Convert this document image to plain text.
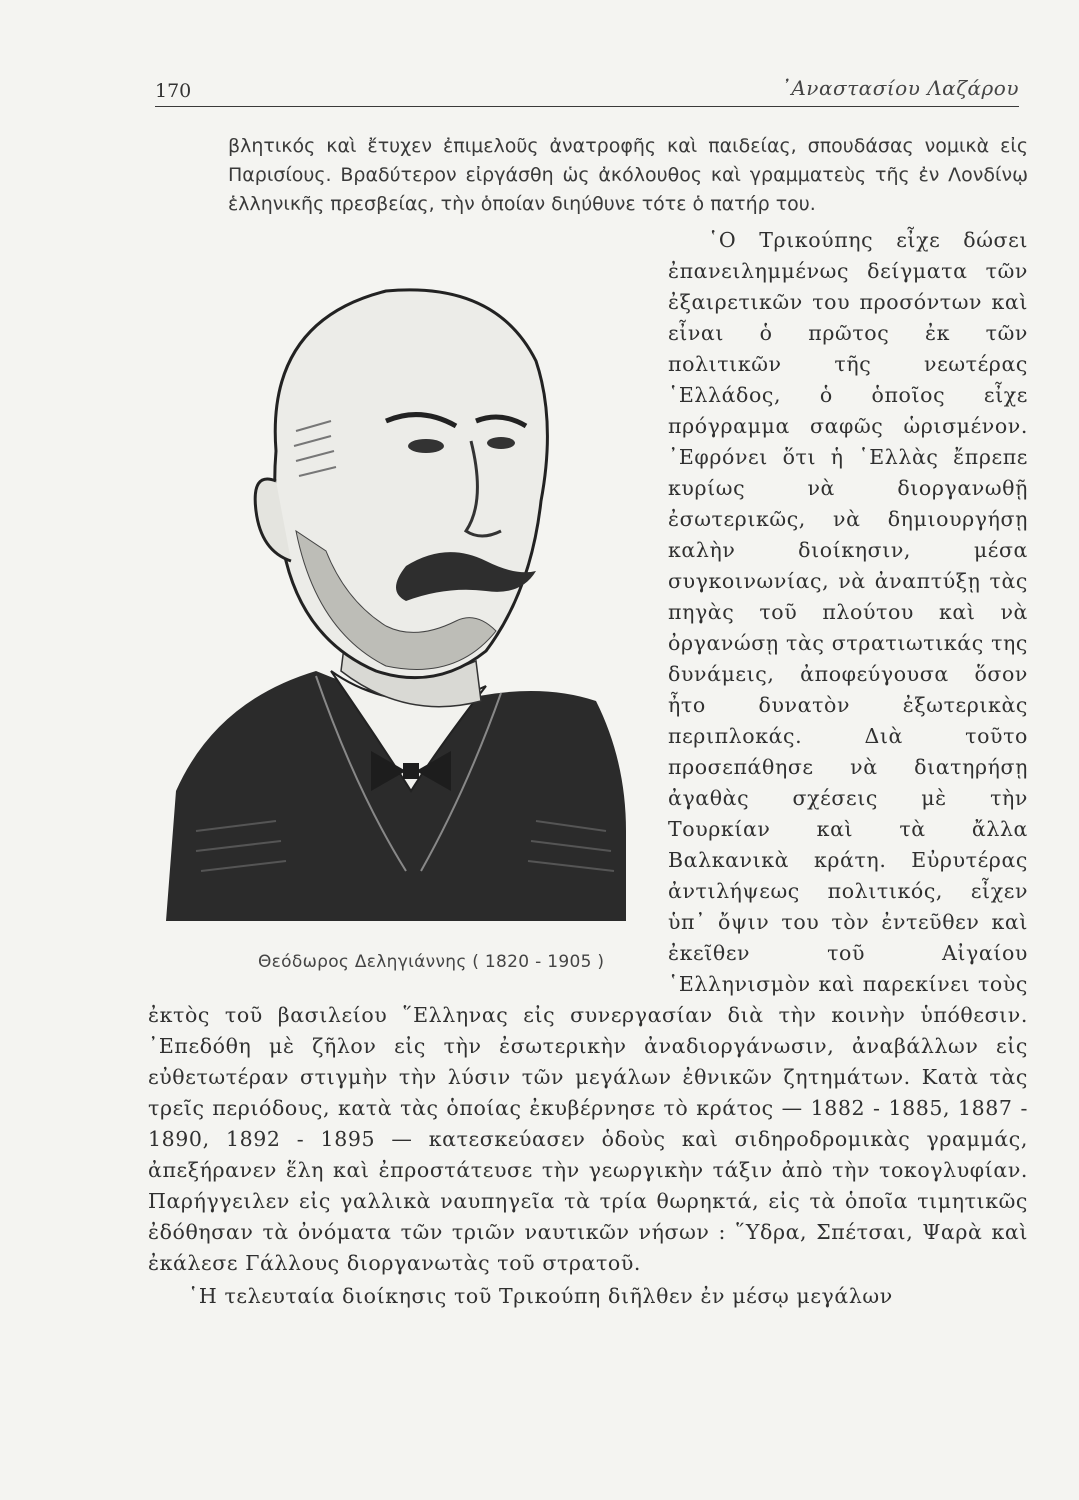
170	᾽Αναστασίου Λαζάρου

βλητικός καὶ ἔτυχεν ἐπιμελοῦς ἀνατροφῆς καὶ παιδείας, σπουδάσας νομικὰ εἰς Παρισίους. Βραδύτερον εἰργάσθη ὡς ἀκόλουθος καὶ γραμματεὺς τῆς ἐν Λονδίνῳ ἑλληνικῆς πρεσβείας, τὴν ὁποίαν διηύθυνε τότε ὁ πατήρ του.

Θεόδωρος Δεληγιάννης ( 1820 - 1905 )
῾Ο Τρικούπης εἶχε δώσει ἐπανειλημμένως δείγματα τῶν ἐξαιρετικῶν του προσόντων καὶ εἶναι ὁ πρῶτος ἐκ τῶν πολιτικῶν τῆς νεωτέρας ῾Ελλάδος, ὁ ὁποῖος εἶχε πρόγραμμα σαφῶς ὡρισμένον. ᾽Εφρόνει ὅτι ἡ ῾Ελλὰς ἔπρεπε κυρίως νὰ διοργανωθῇ ἐσωτερικῶς, νὰ δημιουργήσῃ καλὴν διοίκησιν, μέσα συγκοινωνίας, νὰ ἀναπτύξῃ τὰς πηγὰς τοῦ πλούτου καὶ νὰ ὀργανώσῃ τὰς στρατιωτικάς της δυνάμεις, ἀποφεύγουσα ὅσον ἦτο δυνατὸν ἐξωτερικὰς περιπλοκάς. Διὰ τοῦτο προσεπάθησε νὰ διατηρήσῃ ἀγαθὰς σχέσεις μὲ τὴν Τουρκίαν καὶ τὰ ἄλλα Βαλκανικὰ κράτη. Εὐρυτέρας ἀντιλήψεως πολιτικός, εἶχεν ὑπ᾽ ὄψιν του τὸν ἐντεῦθεν καὶ ἐκεῖθεν τοῦ Αἰγαίου ῾Ελληνισμὸν καὶ παρεκίνει τοὺς ἐκτὸς τοῦ βασιλείου ῞Ελληνας εἰς συνεργασίαν διὰ τὴν κοινὴν ὑπόθεσιν. ᾽Επεδόθη μὲ ζῆλον εἰς τὴν ἐσωτερικὴν ἀναδιοργάνωσιν, ἀναβάλλων εἰς εὐθετωτέραν στιγμὴν τὴν λύσιν τῶν μεγάλων ἐθνικῶν ζητημάτων. Κατὰ τὰς τρεῖς περιόδους, κατὰ τὰς ὁποίας ἐκυβέρνησε τὸ κράτος — 1882 - 1885, 1887 - 1890, 1892 - 1895 — κατεσκεύασεν ὁδοὺς καὶ σιδηροδρομικὰς γραμμάς, ἀπεξήρανεν ἕλη καὶ ἐπροστάτευσε τὴν γεωργικὴν τάξιν ἀπὸ τὴν τοκογλυφίαν. Παρήγγειλεν εἰς γαλλικὰ ναυπηγεῖα τὰ τρία θωρηκτά, εἰς τὰ ὁποῖα τιμητικῶς ἐδόθησαν τὰ ὀνόματα τῶν τριῶν ναυτικῶν νήσων : ῞Υδρα, Σπέτσαι, Ψαρὰ καὶ ἐκάλεσε Γάλλους διοργανωτὰς τοῦ στρατοῦ.

῾Η τελευταία διοίκησις τοῦ Τρικούπη διῆλθεν ἐν μέσῳ μεγάλων
